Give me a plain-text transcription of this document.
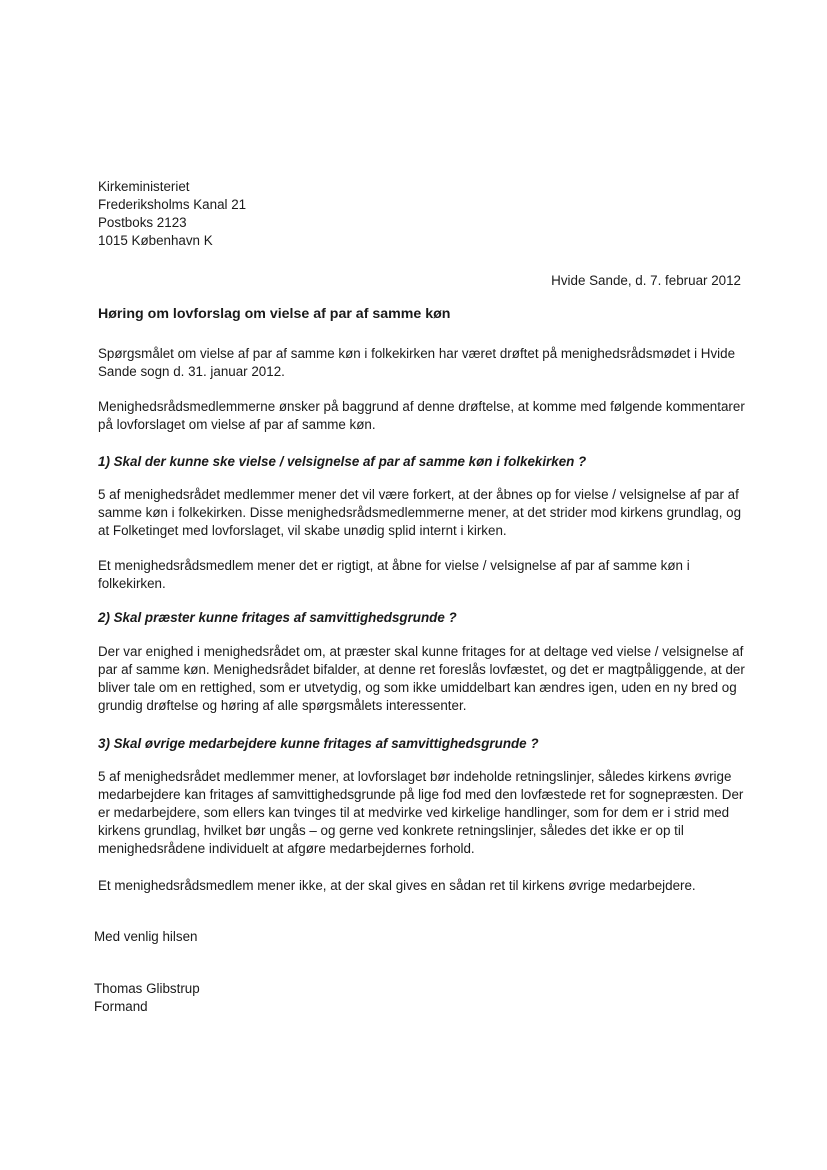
Kirkeministeriet
Frederiksholms Kanal 21
Postboks 2123
1015 København K
Hvide Sande, d. 7. februar 2012
Høring om lovforslag om vielse af par af samme køn

Spørgsmålet om vielse af par af samme køn i folkekirken har været drøftet på menighedsrådsmødet i Hvide Sande sogn d. 31. januar 2012.

Menighedsrådsmedlemmerne ønsker på baggrund af denne drøftelse, at komme med følgende kommentarer på lovforslaget om vielse af par af samme køn.

1) Skal der kunne ske vielse / velsignelse af par af samme køn i folkekirken ?

5 af menighedsrådet medlemmer mener det vil være forkert, at der åbnes op for vielse / velsignelse af par af samme køn i folkekirken. Disse menighedsrådsmedlemmerne mener, at det strider mod kirkens grundlag, og at Folketinget med lovforslaget, vil skabe unødig splid internt i kirken.

Et menighedsrådsmedlem mener det er rigtigt, at åbne for vielse / velsignelse af par af samme køn i folkekirken.

2) Skal præster kunne fritages af samvittighedsgrunde ?

Der var enighed i menighedsrådet om, at præster skal kunne fritages for at deltage ved vielse / velsignelse af par af samme køn. Menighedsrådet bifalder, at denne ret foreslås lovfæstet, og det er magtpåliggende, at der bliver tale om en rettighed, som er utvetydig, og som ikke umiddelbart kan ændres igen, uden en ny bred og grundig drøftelse og høring af alle spørgsmålets interessenter.

3) Skal øvrige medarbejdere kunne fritages af samvittighedsgrunde ?

5 af menighedsrådet medlemmer mener, at lovforslaget bør indeholde retningslinjer, således kirkens øvrige medarbejdere kan fritages af samvittighedsgrunde på lige fod med den lovfæstede ret for sognepræsten. Der er medarbejdere, som ellers kan tvinges til at medvirke ved kirkelige handlinger, som for dem er i strid med kirkens grundlag, hvilket bør ungås – og gerne ved konkrete retningslinjer, således det ikke er op til menighedsrådene individuelt at afgøre medarbejdernes forhold.

Et menighedsrådsmedlem mener ikke, at der skal gives en sådan ret til kirkens øvrige medarbejdere.

Med venlig hilsen
Thomas Glibstrup
Formand
